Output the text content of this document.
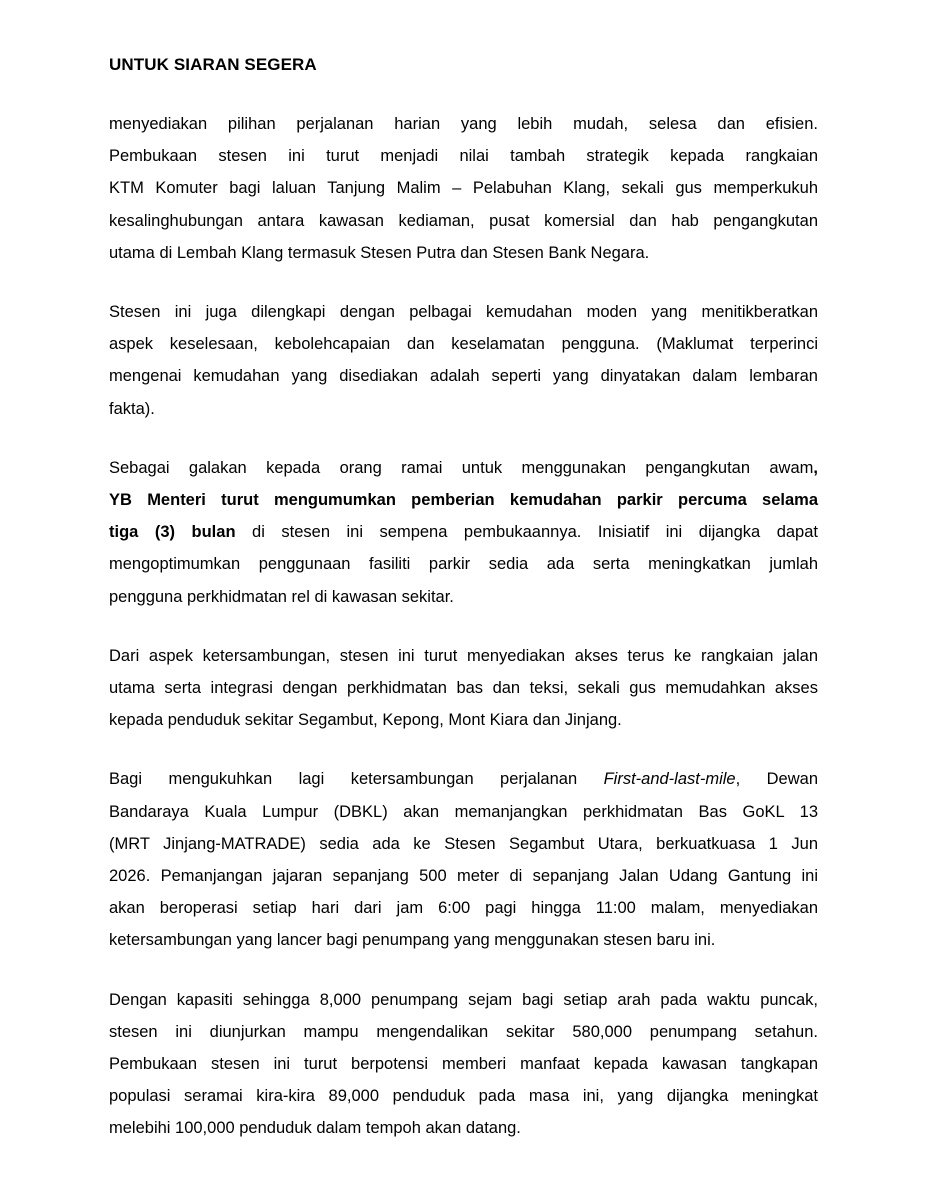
UNTUK SIARAN SEGERA

menyediakan pilihan perjalanan harian yang lebih mudah, selesa dan efisien.
Pembukaan stesen ini turut menjadi nilai tambah strategik kepada rangkaian
KTM Komuter bagi laluan Tanjung Malim – Pelabuhan Klang, sekali gus memperkukuh
kesalinghubungan antara kawasan kediaman, pusat komersial dan hab pengangkutan
utama di Lembah Klang termasuk Stesen Putra dan Stesen Bank Negara.

Stesen ini juga dilengkapi dengan pelbagai kemudahan moden yang menitikberatkan
aspek keselesaan, kebolehcapaian dan keselamatan pengguna. (Maklumat terperinci
mengenai kemudahan yang disediakan adalah seperti yang dinyatakan dalam lembaran
fakta).

Sebagai galakan kepada orang ramai untuk menggunakan pengangkutan awam,
YB Menteri turut mengumumkan pemberian kemudahan parkir percuma selama
tiga (3) bulan di stesen ini sempena pembukaannya. Inisiatif ini dijangka dapat
mengoptimumkan penggunaan fasiliti parkir sedia ada serta meningkatkan jumlah
pengguna perkhidmatan rel di kawasan sekitar.

Dari aspek ketersambungan, stesen ini turut menyediakan akses terus ke rangkaian jalan
utama serta integrasi dengan perkhidmatan bas dan teksi, sekali gus memudahkan akses
kepada penduduk sekitar Segambut, Kepong, Mont Kiara dan Jinjang.

Bagi mengukuhkan lagi ketersambungan perjalanan First-and-last-mile, Dewan
Bandaraya Kuala Lumpur (DBKL) akan memanjangkan perkhidmatan Bas GoKL 13
(MRT Jinjang-MATRADE) sedia ada ke Stesen Segambut Utara, berkuatkuasa 1 Jun
2026. Pemanjangan jajaran sepanjang 500 meter di sepanjang Jalan Udang Gantung ini
akan beroperasi setiap hari dari jam 6:00 pagi hingga 11:00 malam, menyediakan
ketersambungan yang lancer bagi penumpang yang menggunakan stesen baru ini.

Dengan kapasiti sehingga 8,000 penumpang sejam bagi setiap arah pada waktu puncak,
stesen ini diunjurkan mampu mengendalikan sekitar 580,000 penumpang setahun.
Pembukaan stesen ini turut berpotensi memberi manfaat kepada kawasan tangkapan
populasi seramai kira-kira 89,000 penduduk pada masa ini, yang dijangka meningkat
melebihi 100,000 penduduk dalam tempoh akan datang.
